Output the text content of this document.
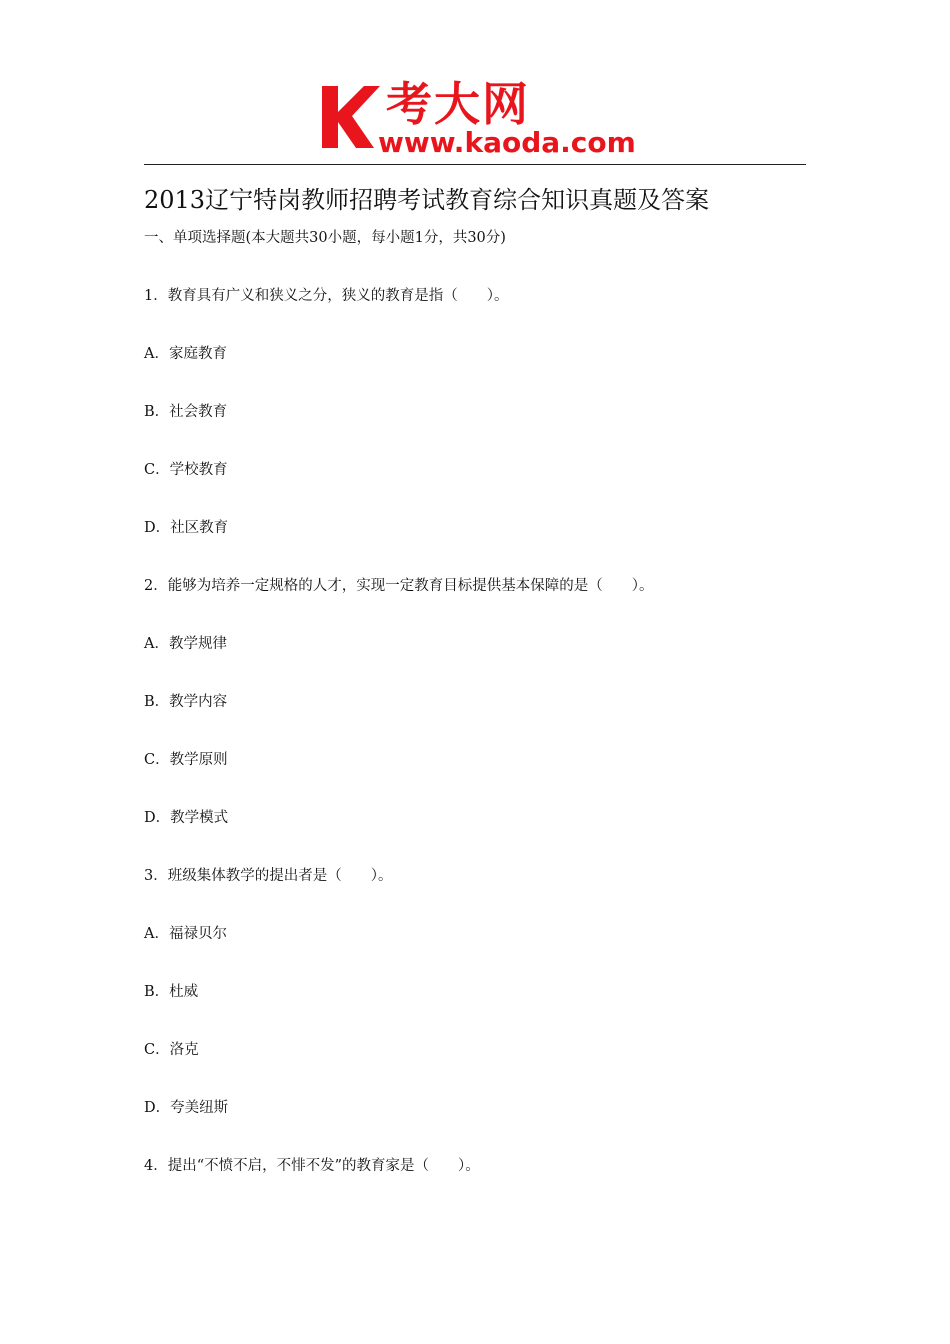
考大网
www.kaoda.com
2013辽宁特岗教师招聘考试教育综合知识真题及答案
一、单项选择题(本大题共30小题，每小题1分，共30分)
1．教育具有广义和狭义之分，狭义的教育是指（　　）。
A．家庭教育
B．社会教育
C．学校教育
D．社区教育
2．能够为培养一定规格的人才，实现一定教育目标提供基本保障的是（　　）。
A．教学规律
B．教学内容
C．教学原则
D．教学模式
3．班级集体教学的提出者是（　　）。
A．福禄贝尔
B．杜威
C．洛克
D．夸美纽斯
4．提出“不愤不启，不悱不发”的教育家是（　　）。
